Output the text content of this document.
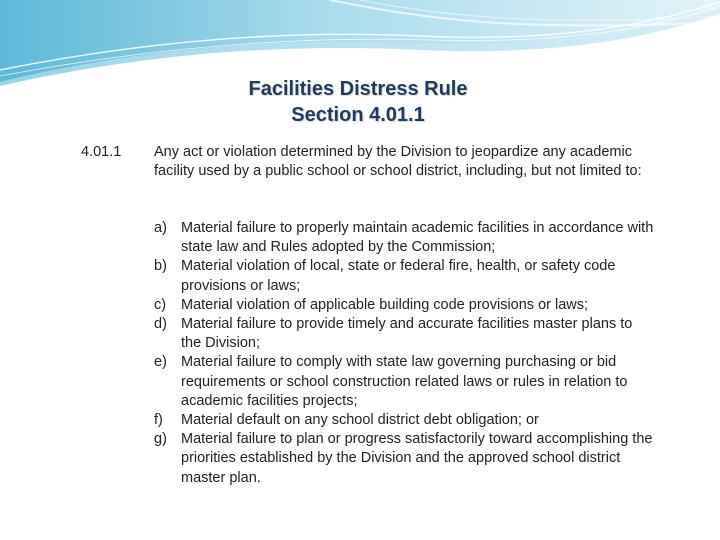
Facilities Distress Rule
Section 4.01.1
4.01.1 Any act or violation determined by the Division to jeopardize any academic facility used by a public school or school district, including, but not limited to:
a) Material failure to properly maintain academic facilities in accordance with state law and Rules adopted by the Commission;
b) Material violation of local, state or federal fire, health, or safety code provisions or laws;
c) Material violation of applicable building code provisions or laws;
d) Material failure to provide timely and accurate facilities master plans to the Division;
e) Material failure to comply with state law governing purchasing or bid requirements or school construction related laws or rules in relation to academic facilities projects;
f) Material default on any school district debt obligation; or
g) Material failure to plan or progress satisfactorily toward accomplishing the priorities established by the Division and the approved school district master plan.
